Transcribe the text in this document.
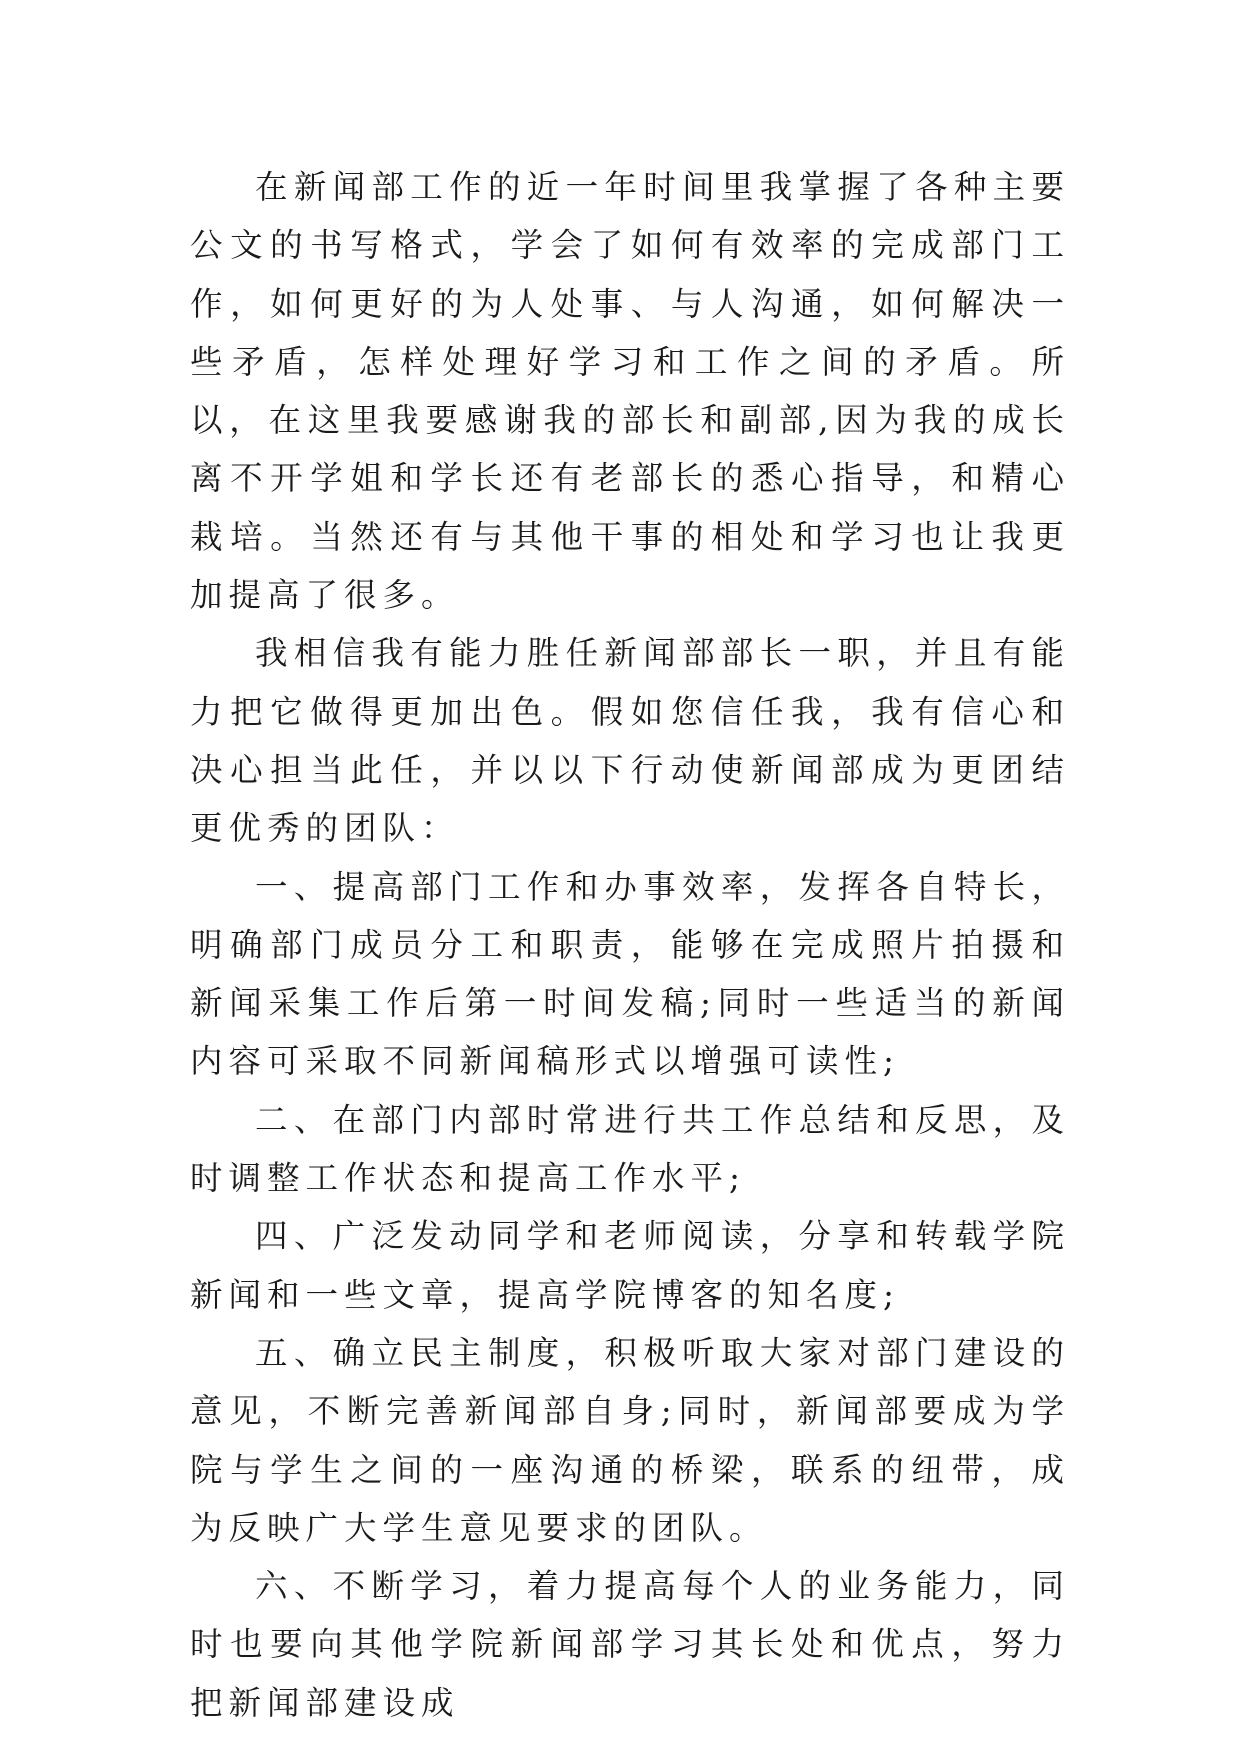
在新闻部工作的近一年时间里我掌握了各种主要公文的书写格式，学会了如何有效率的完成部门工作，如何更好的为人处事、与人沟通，如何解决一些矛盾，怎样处理好学习和工作之间的矛盾。所以，在这里我要感谢我的部长和副部,因为我的成长离不开学姐和学长还有老部长的悉心指导，和精心栽培。当然还有与其他干事的相处和学习也让我更加提高了很多。

我相信我有能力胜任新闻部部长一职，并且有能力把它做得更加出色。假如您信任我，我有信心和决心担当此任，并以以下行动使新闻部成为更团结更优秀的团队：

一、提高部门工作和办事效率，发挥各自特长，明确部门成员分工和职责，能够在完成照片拍摄和新闻采集工作后第一时间发稿;同时一些适当的新闻内容可采取不同新闻稿形式以增强可读性;

二、在部门内部时常进行共工作总结和反思，及时调整工作状态和提高工作水平;

四、广泛发动同学和老师阅读，分享和转载学院新闻和一些文章，提高学院博客的知名度;

五、确立民主制度，积极听取大家对部门建设的意见，不断完善新闻部自身;同时，新闻部要成为学院与学生之间的一座沟通的桥梁，联系的纽带，成为反映广大学生意见要求的团队。

六、不断学习，着力提高每个人的业务能力，同时也要向其他学院新闻部学习其长处和优点，努力把新闻部建设成
